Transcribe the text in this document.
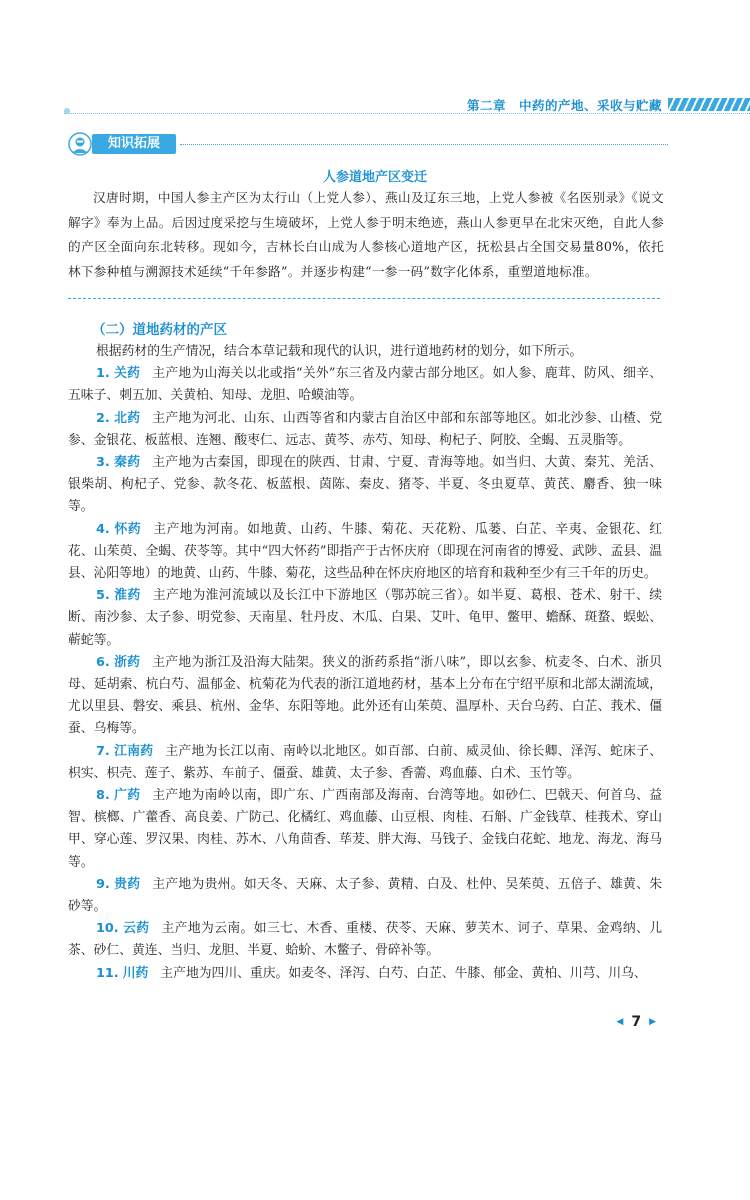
第二章　中药的产地、采收与贮藏
知识拓展
人参道地产区变迁

汉唐时期，中国人参主产区为太行山（上党人参）、燕山及辽东三地，上党人参被《名医别录》《说文解字》奉为上品。后因过度采挖与生境破坏，上党人参于明末绝迹，燕山人参更早在北宋灭绝，自此人参的产区全面向东北转移。现如今，吉林长白山成为人参核心道地产区，抚松县占全国交易量80%，依托林下参种植与溯源技术延续“千年参路”。并逐步构建“一参一码”数字化体系，重塑道地标准。

（二）道地药材的产区

根据药材的生产情况，结合本草记载和现代的认识，进行道地药材的划分，如下所示。

1. 关药 主产地为山海关以北或指“关外”东三省及内蒙古部分地区。如人参、鹿茸、防风、细辛、五味子、刺五加、关黄柏、知母、龙胆、哈蟆油等。

2. 北药 主产地为河北、山东、山西等省和内蒙古自治区中部和东部等地区。如北沙参、山楂、党参、金银花、板蓝根、连翘、酸枣仁、远志、黄芩、赤芍、知母、枸杞子、阿胶、全蝎、五灵脂等。

3. 秦药 主产地为古秦国，即现在的陕西、甘肃、宁夏、青海等地。如当归、大黄、秦艽、羌活、银柴胡、枸杞子、党参、款冬花、板蓝根、茵陈、秦皮、猪苓、半夏、冬虫夏草、黄芪、麝香、独一味等。

4. 怀药 主产地为河南。如地黄、山药、牛膝、菊花、天花粉、瓜蒌、白芷、辛夷、金银花、红花、山茱萸、全蝎、茯苓等。其中“四大怀药”即指产于古怀庆府（即现在河南省的博爱、武陟、孟县、温县、沁阳等地）的地黄、山药、牛膝、菊花，这些品种在怀庆府地区的培育和栽种至少有三千年的历史。

5. 淮药 主产地为淮河流域以及长江中下游地区（鄂苏皖三省）。如半夏、葛根、苍术、射干、续断、南沙参、太子参、明党参、天南星、牡丹皮、木瓜、白果、艾叶、龟甲、鳖甲、蟾酥、斑蝥、蜈蚣、蕲蛇等。

6. 浙药 主产地为浙江及沿海大陆架。狭义的浙药系指“浙八味”，即以玄参、杭麦冬、白术、浙贝母、延胡索、杭白芍、温郁金、杭菊花为代表的浙江道地药材，基本上分布在宁绍平原和北部太湖流域，尤以里县、磐安、乘县、杭州、金华、东阳等地。此外还有山茱萸、温厚朴、天台乌药、白芷、莪术、僵蚕、乌梅等。

7. 江南药 主产地为长江以南、南岭以北地区。如百部、白前、威灵仙、徐长卿、泽泻、蛇床子、枳实、枳壳、莲子、紫苏、车前子、僵蚕、雄黄、太子参、香薷、鸡血藤、白术、玉竹等。

8. 广药 主产地为南岭以南，即广东、广西南部及海南、台湾等地。如砂仁、巴戟天、何首乌、益智、槟榔、广藿香、高良姜、广防己、化橘红、鸡血藤、山豆根、肉桂、石斛、广金钱草、桂莪术、穿山甲、穿心莲、罗汉果、肉桂、苏木、八角茴香、荜茇、胖大海、马钱子、金钱白花蛇、地龙、海龙、海马等。

9. 贵药 主产地为贵州。如天冬、天麻、太子参、黄精、白及、杜仲、吴茱萸、五倍子、雄黄、朱砂等。

10. 云药 主产地为云南。如三七、木香、重楼、茯苓、天麻、萝芙木、诃子、草果、金鸡纳、儿茶、砂仁、黄连、当归、龙胆、半夏、蛤蚧、木鳖子、骨碎补等。

11. 川药 主产地为四川、重庆。如麦冬、泽泻、白芍、白芷、牛膝、郁金、黄柏、川芎、川乌、

◀ 7 ▶
